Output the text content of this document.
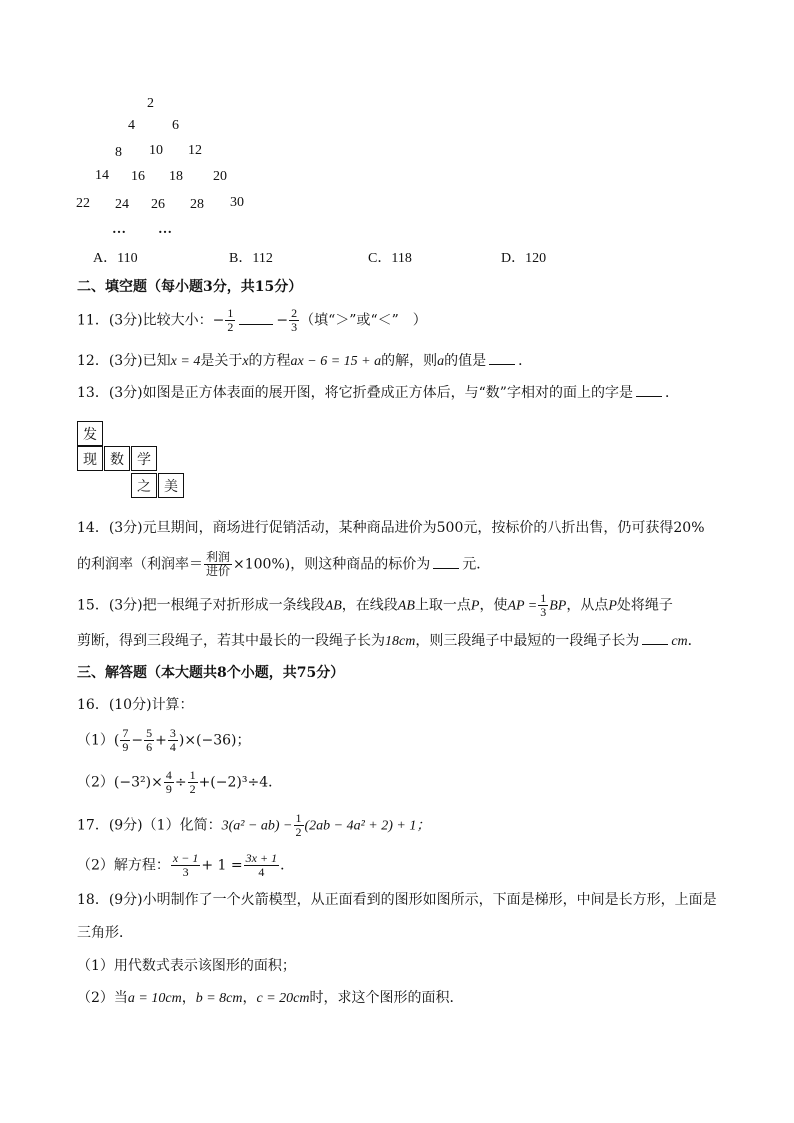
2
4	6
8 10 12
14 16 18 20
22 24 26 28 30
… …
A．110	B．112	C．118	D．120
二、填空题（每小题3分，共15分）
11．(3分)比较大小：− $\frac{1}{2}$	− $\frac{2}{3}$ （填“＞”或“＜”　）
12．(3分)已知x = 4是关于x的方程ax − 6 = 15 + a的解，则a的值是 ．
13．(3分)如图是正方体表面的展开图，将它折叠成正方体后，与“数”字相对的面上的字是 ．
发
现 数 学
之 美
14．(3分)元旦期间，商场进行促销活动，某种商品进价为500元，按标价的八折出售，仍可获得20%
的利润率（利润率＝ $\frac{\text{利润}}{\text{进价}} \times 100\%$)，则这种商品的标价为 元．
15．(3分)把一根绳子对折形成一条线段AB，在线段AB上取一点P，使AP = $\frac{1}{3}$ BP，从点P处将绳子
剪断，得到三段绳子，若其中最长的一段绳子长为18cm，则三段绳子中最短的一段绳子长为 cm．
三、解答题（本大题共8个小题，共75分）
16．(10分)计算：
$(1)( \frac{7}{9} - \frac{5}{6} + \frac{3}{4} )\times(-36)$；
$(2)(-3^2)\times \frac{4}{9} \div \frac{1}{2} +(-2)^3\div 4$．
17．(9分)（1）化简：$3(a^2 - ab) - \frac{1}{2} (2ab - 4a^2 + 2) + 1$；
（2）解方程： $\frac{x - 1}{3} + 1 = \frac{3x + 1}{4}$ ．
18．(9分)小明制作了一个火箭模型，从正面看到的图形如图所示，下面是梯形，中间是长方形，上面是
三角形．
（1）用代数式表示该图形的面积；
（2）当a = 10cm，b = 8cm，c = 20cm时，求这个图形的面积．
